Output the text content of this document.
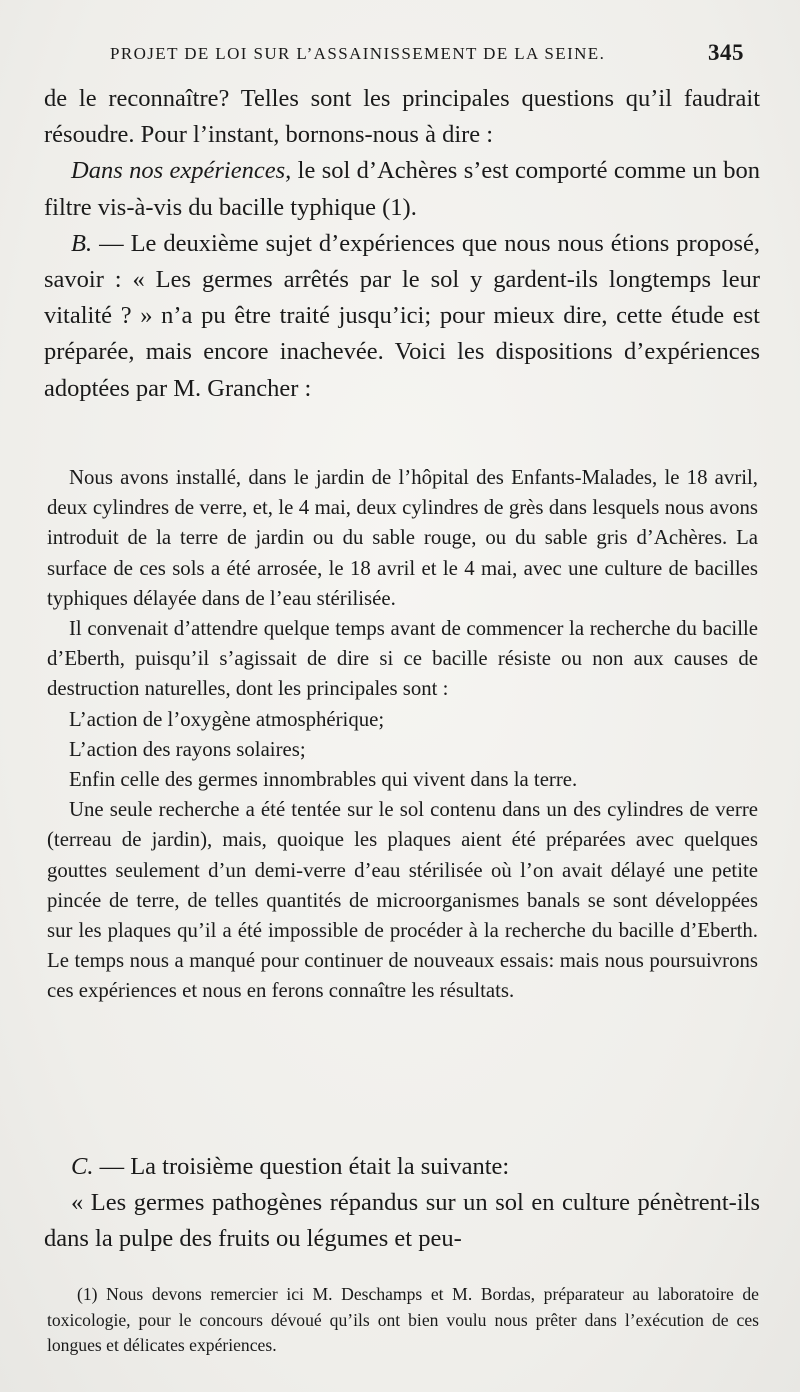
PROJET DE LOI SUR L’ASSAINISSEMENT DE LA SEINE.	345

de le reconnaître? Telles sont les principales questions qu’il faudrait résoudre. Pour l’instant, bornons-nous à dire :

Dans nos expériences, le sol d’Achères s’est comporté comme un bon filtre vis-à-vis du bacille typhique (1).

B. — Le deuxième sujet d’expériences que nous nous étions proposé, savoir : « Les germes arrêtés par le sol y gardent-ils longtemps leur vitalité ? » n’a pu être traité jusqu’ici; pour mieux dire, cette étude est préparée, mais encore inachevée. Voici les dispositions d’expériences adoptées par M. Grancher :

Nous avons installé, dans le jardin de l’hôpital des Enfants-Malades, le 18 avril, deux cylindres de verre, et, le 4 mai, deux cylindres de grès dans lesquels nous avons introduit de la terre de jardin ou du sable rouge, ou du sable gris d’Achères. La surface de ces sols a été arrosée, le 18 avril et le 4 mai, avec une culture de bacilles typhiques délayée dans de l’eau stérilisée.

Il convenait d’attendre quelque temps avant de commencer la recherche du bacille d’Eberth, puisqu’il s’agissait de dire si ce bacille résiste ou non aux causes de destruction naturelles, dont les principales sont :

L’action de l’oxygène atmosphérique;

L’action des rayons solaires;

Enfin celle des germes innombrables qui vivent dans la terre.

Une seule recherche a été tentée sur le sol contenu dans un des cylindres de verre (terreau de jardin), mais, quoique les plaques aient été préparées avec quelques gouttes seulement d’un demi-verre d’eau stérilisée où l’on avait délayé une petite pincée de terre, de telles quantités de microorganismes banals se sont développées sur les plaques qu’il a été impossible de procéder à la recherche du bacille d’Eberth. Le temps nous a manqué pour continuer de nouveaux essais: mais nous poursuivrons ces expériences et nous en ferons connaître les résultats.

C. — La troisième question était la suivante:

« Les germes pathogènes répandus sur un sol en culture pénètrent-ils dans la pulpe des fruits ou légumes et peu-

(1) Nous devons remercier ici M. Deschamps et M. Bordas, préparateur au laboratoire de toxicologie, pour le concours dévoué qu’ils ont bien voulu nous prêter dans l’exécution de ces longues et délicates expériences.
